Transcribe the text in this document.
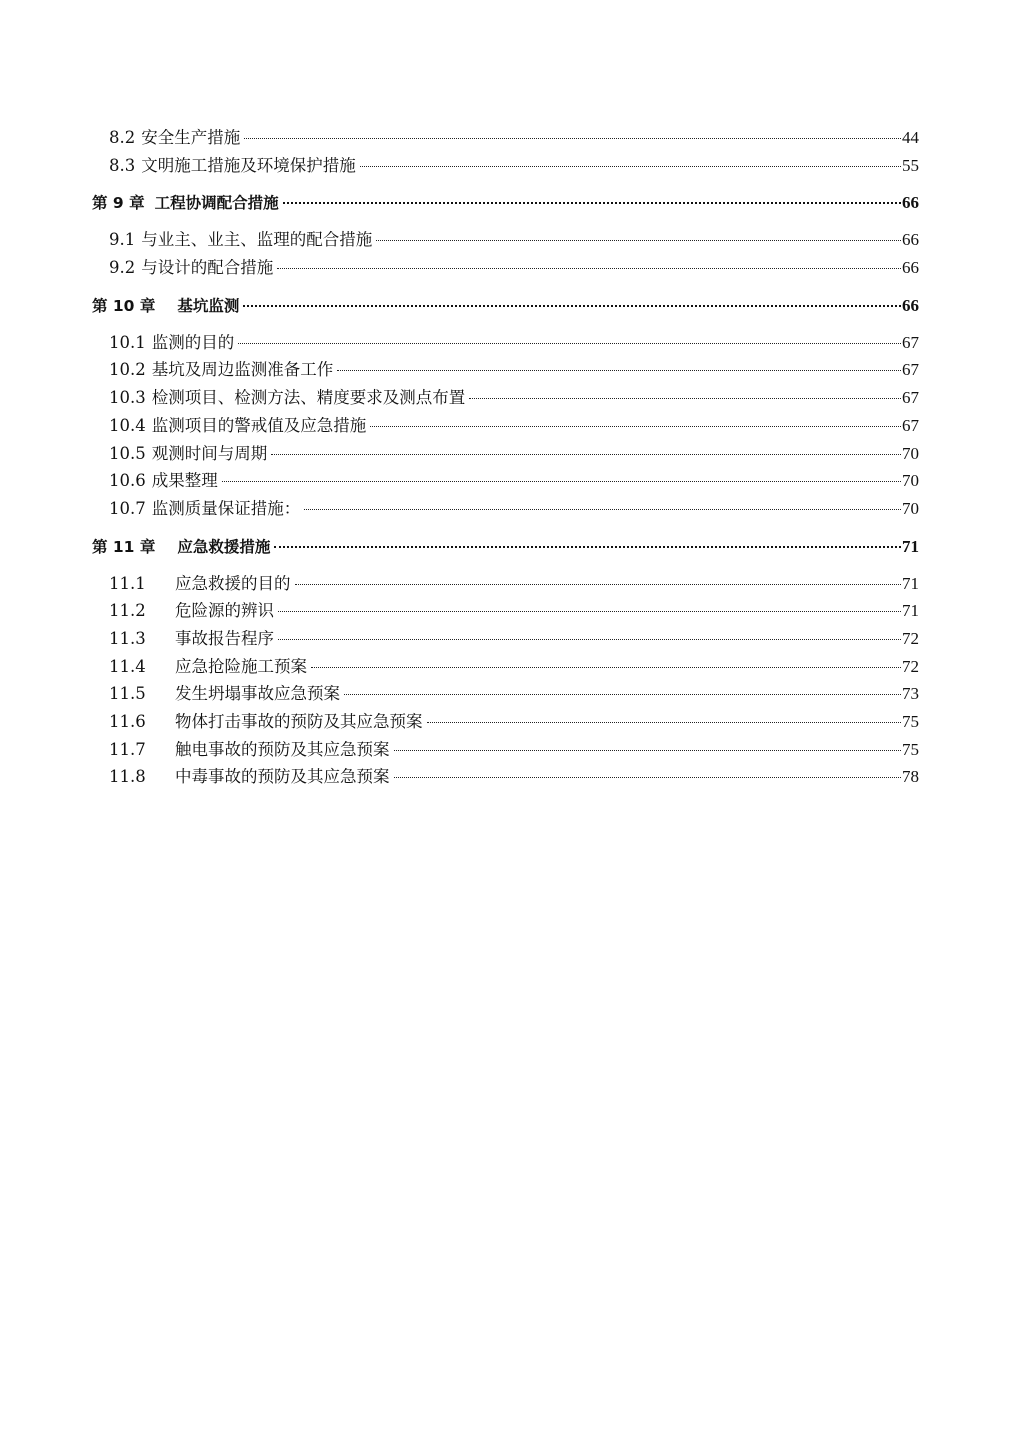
8.2 安全生产措施	44
8.3 文明施工措施及环境保护措施	55
第 9 章 工程协调配合措施	66
9.1 与业主、业主、监理的配合措施	66
9.2 与设计的配合措施	66
第 10 章 基坑监测	66
10.1 监测的目的	67
10.2 基坑及周边监测准备工作	67
10.3 检测项目、检测方法、精度要求及测点布置	67
10.4 监测项目的警戒值及应急措施	67
10.5 观测时间与周期	70
10.6 成果整理	70
10.7 监测质量保证措施：	70
第 11 章 应急救援措施	71
11.1	应急救援的目的	71
11.2	危险源的辨识	71
11.3	事故报告程序	72
11.4	应急抢险施工预案	72
11.5	发生坍塌事故应急预案	73
11.6	物体打击事故的预防及其应急预案	75
11.7	触电事故的预防及其应急预案	75
11.8	中毒事故的预防及其应急预案	78
